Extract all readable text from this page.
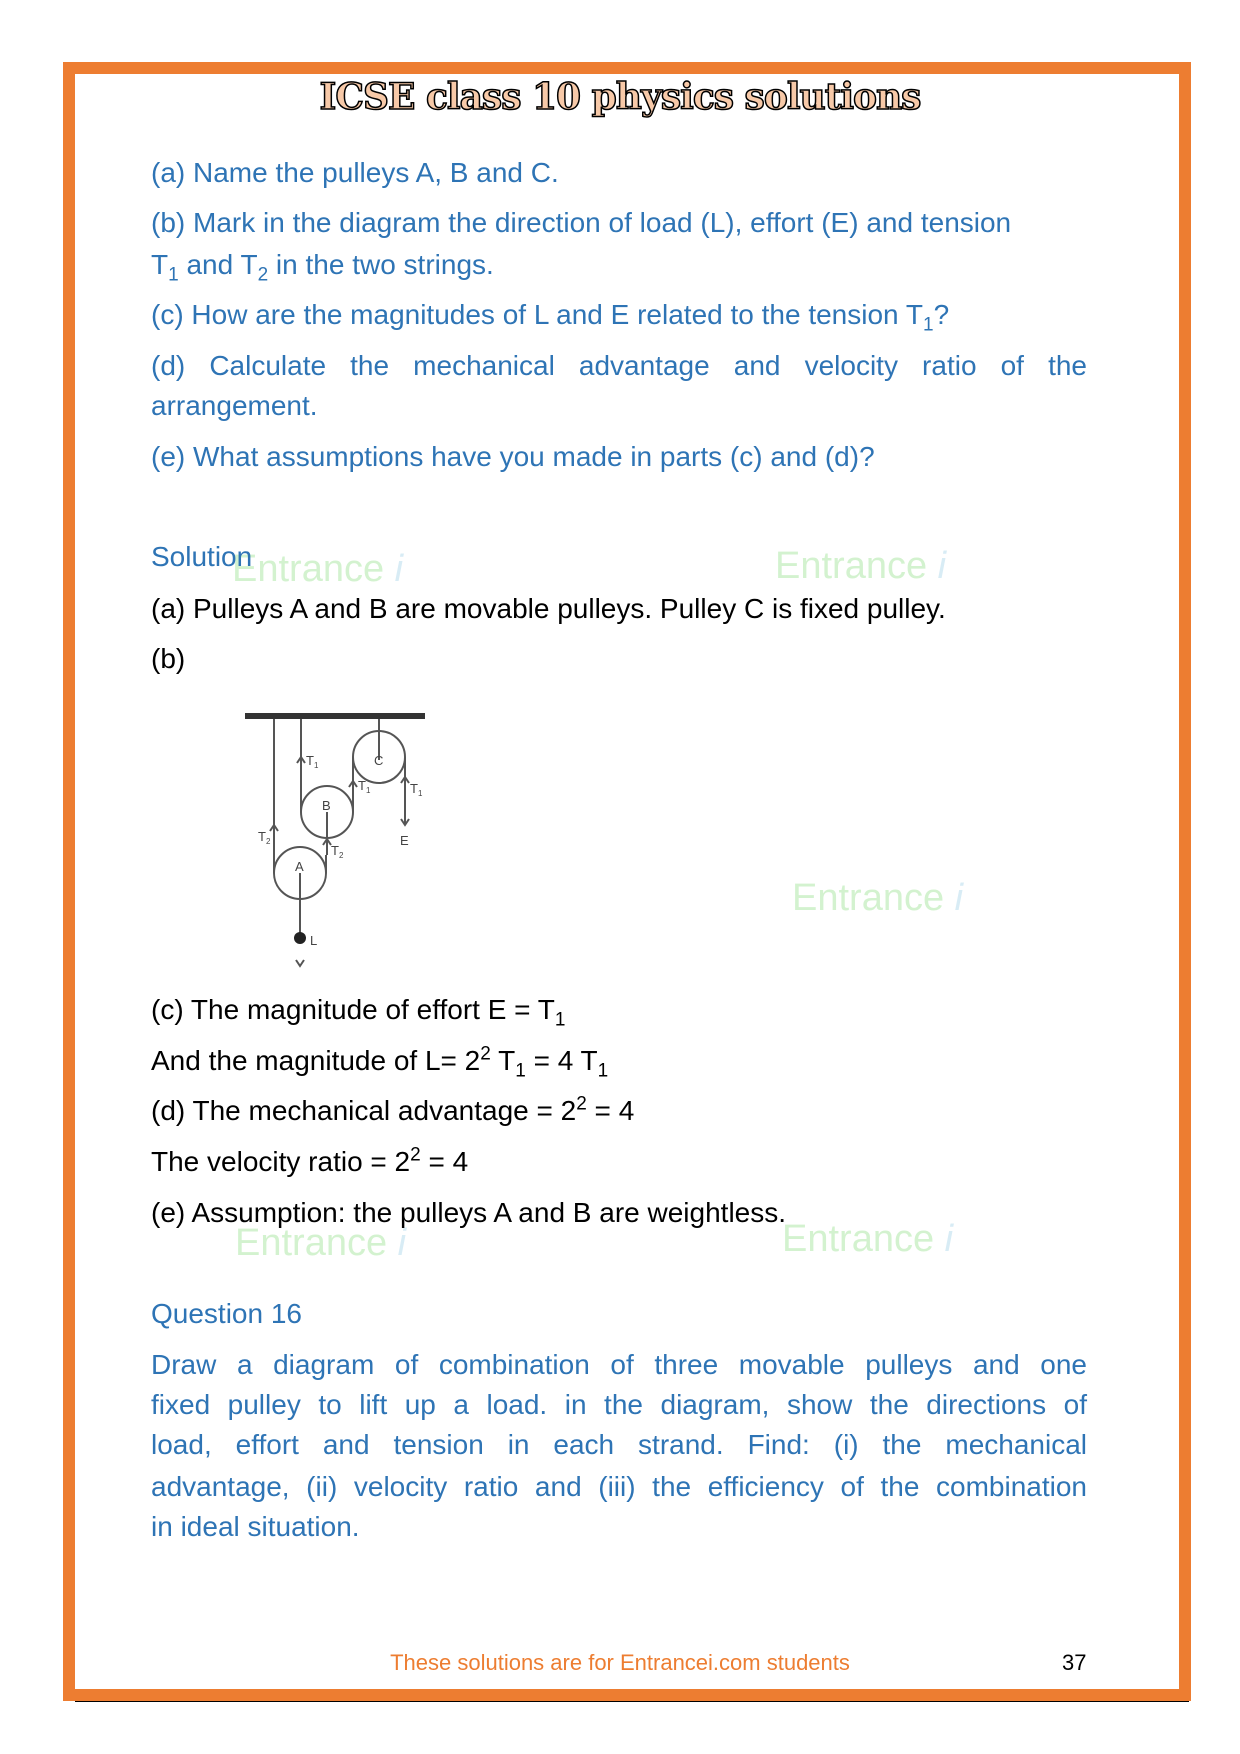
Entrance i	Entrance i
Entrance i
Entrance i	Entrance i
ICSE class 10 physics solutions
(a) Name the pulleys A, B and C.
(b) Mark in the diagram the direction of load (L), effort (E) and tension
$T_1$ and $T_2$ in the two strings.
(c) How are the magnitudes of L and E related to the tension $T_1$?
(d) Calculate the mechanical advantage and velocity ratio of the
arrangement.
(e) What assumptions have you made in parts (c) and (d)?
Solution
(a) Pulleys A and B are movable pulleys. Pulley C is fixed pulley.
(b)
C
B
A
L
E
$T_1$
$T_1$	$T_1$
$T_2$
$T_2$
(c) The magnitude of effort $E = T_1$
And the magnitude of $L= 2^2$ $T_1 = 4$ $T_1$
(d) The mechanical advantage = $2^2 = 4$
The velocity ratio = $2^2 = 4$
(e) Assumption: the pulleys A and B are weightless.
Question 16
Draw a diagram of combination of three movable pulleys and one
fixed pulley to lift up a load. in the diagram, show the directions of
load, effort and tension in each strand. Find: (i) the mechanical
advantage, (ii) velocity ratio and (iii) the efficiency of the combination
in ideal situation.
These solutions are for Entrancei.com students	37
